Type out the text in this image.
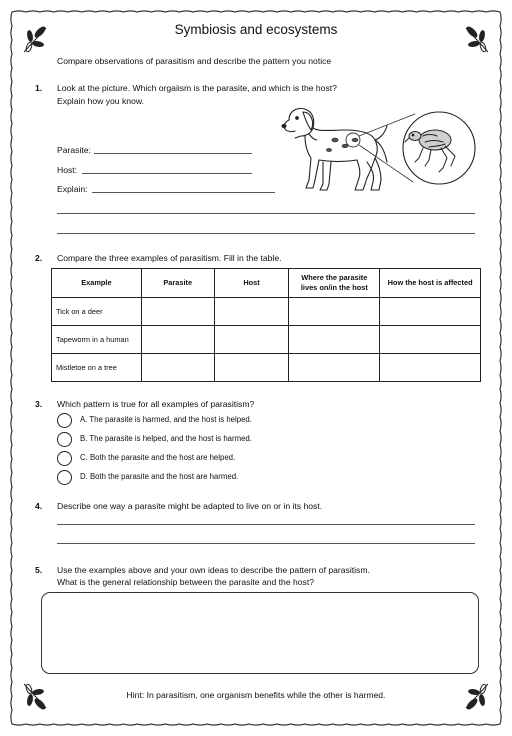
Symbiosis and ecosystems
Compare observations of parasitism and describe the pattern you notice
1. Look at the picture. Which orgaiism is the parasite, and which is the host?
Explain how you know.
Parasite:
Host:
Explain:
2. Compare the three examples of parasitism. Fill in the table.
Example	Parasite	Host	Where the parasite lives on/in the host	How the host is affected
Tick on a deer				
Tapeworm in a human				
Mistletoe on a tree				
3. Which pattern is true for all examples of parasitism?
A. The parasite is harmed, and the host is helped.
B. The parasite is helped, and the host is harmed.
C. Both the parasite and the host are helped.
D. Both the parasite and the host are harmed.
4. Describe one way a parasite might be adapted to live on or in its host.
5. Use the examples above and your own ideas to describe the pattern of parasitism.
What is the general relationship between the parasite and the host?
Hint: In parasitism, one organism benefits while the other is harmed.
